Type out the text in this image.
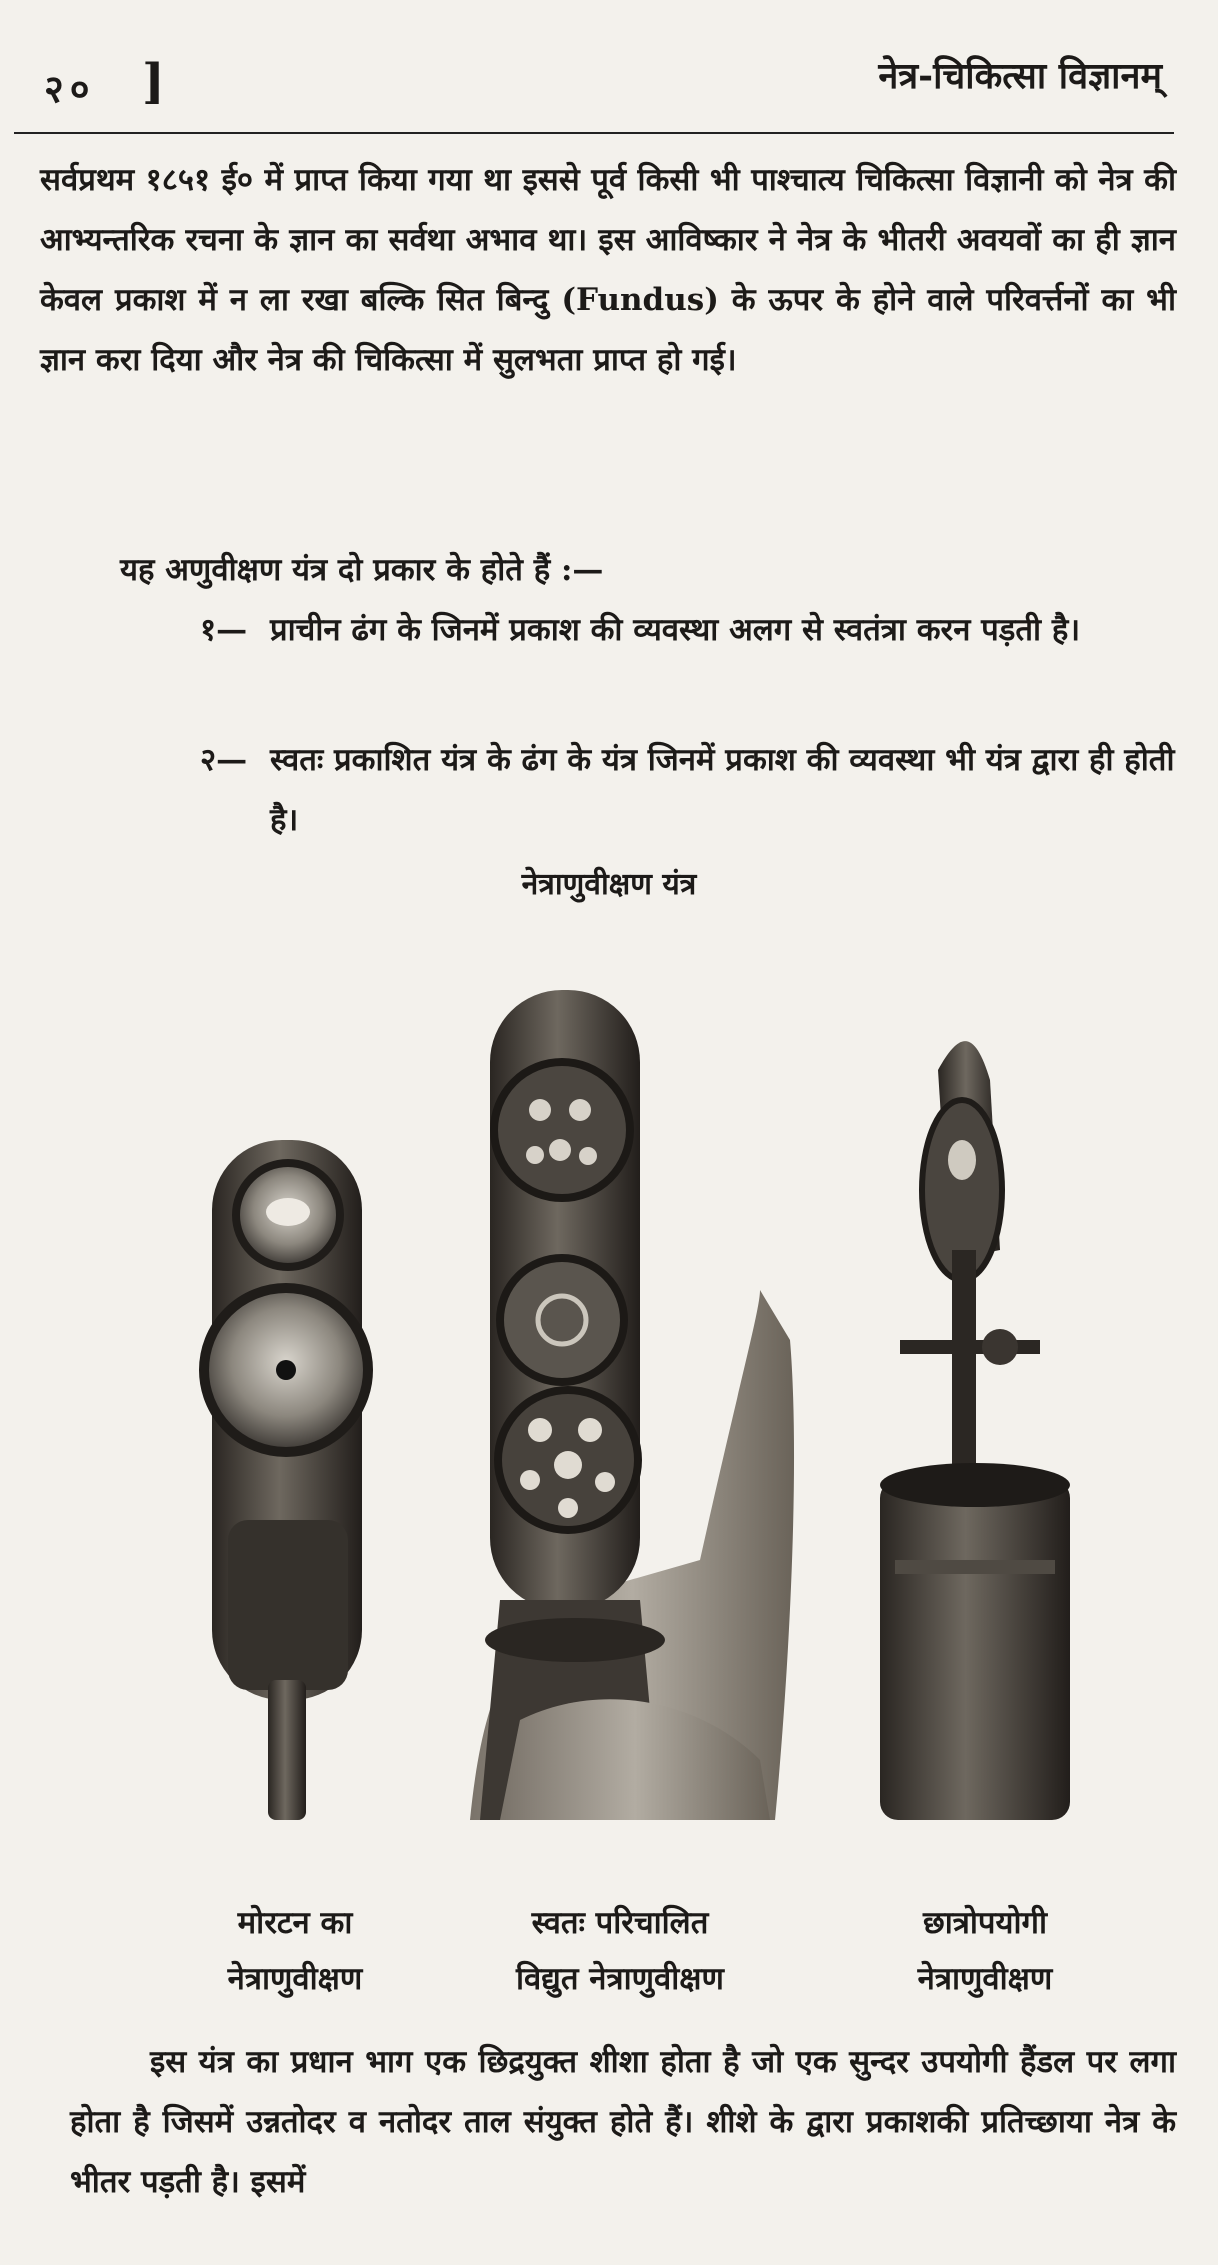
२० ]	नेत्र-चिकित्सा विज्ञानम्

सर्वप्रथम १८५१ ई० में प्राप्त किया गया था इससे पूर्व किसी भी पाश्चात्य चिकित्सा विज्ञानी को नेत्र की आभ्यन्तरिक रचना के ज्ञान का सर्वथा अभाव था। इस आविष्कार ने नेत्र के भीतरी अवयवों का ही ज्ञान केवल प्रकाश में न ला रखा बल्कि सित बिन्दु (Fundus) के ऊपर के होने वाले परिवर्त्तनों का भी ज्ञान करा दिया और नेत्र की चिकित्सा में सुलभता प्राप्त हो गई।

यह अणुवीक्षण यंत्र दो प्रकार के होते हैं :—

१— प्राचीन ढंग के जिनमें प्रकाश की व्यवस्था अलग से स्वतंत्रा करन पड़ती है।
२— स्वतः प्रकाशित यंत्र के ढंग के यंत्र जिनमें प्रकाश की व्यवस्था भी यंत्र द्वारा ही होती है।
नेत्राणुवीक्षण यंत्र
मोरटन का
नेत्राणुवीक्षण
स्वतः परिचालित
विद्युत नेत्राणुवीक्षण
छात्रोपयोगी
नेत्राणुवीक्षण

इस यंत्र का प्रधान भाग एक छिद्रयुक्त शीशा होता है जो एक सुन्दर उपयोगी हैंडल पर लगा होता है जिसमें उन्नतोदर व नतोदर ताल संयुक्त होते हैं। शीशे के द्वारा प्रकाशकी प्रतिच्छाया नेत्र के भीतर पड़ती है। इसमें
